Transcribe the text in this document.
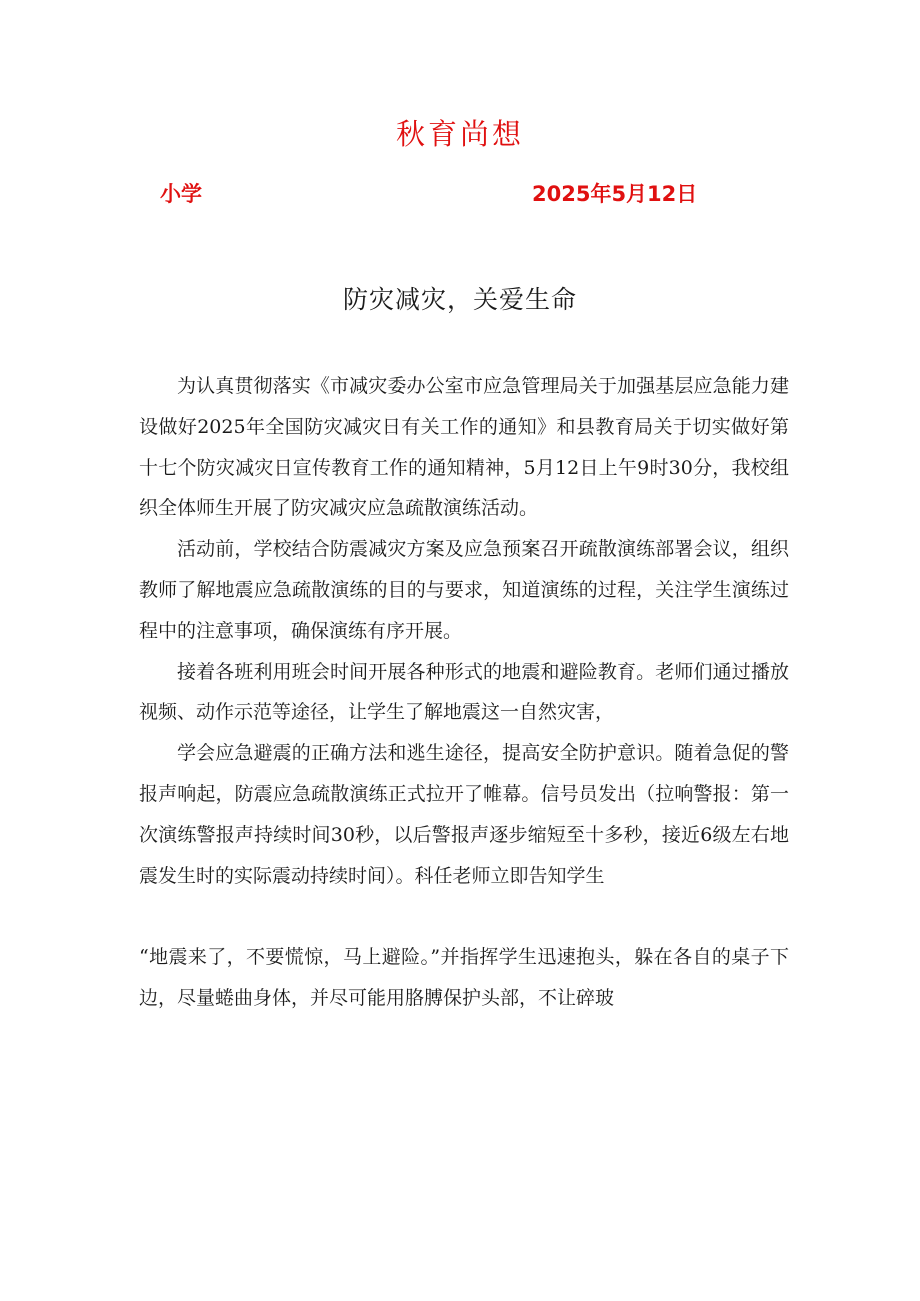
秋育尚想
小学	2025年5月12日
防灾减灾，关爱生命

为认真贯彻落实《市减灾委办公室市应急管理局关于加强基层应急能力建设做好2025年全国防灾减灾日有关工作的通知》和县教育局关于切实做好第十七个防灾减灾日宣传教育工作的通知精神，5月12日上午9时30分，我校组织全体师生开展了防灾减灾应急疏散演练活动。

活动前，学校结合防震减灾方案及应急预案召开疏散演练部署会议，组织教师了解地震应急疏散演练的目的与要求，知道演练的过程，关注学生演练过程中的注意事项，确保演练有序开展。

接着各班利用班会时间开展各种形式的地震和避险教育。老师们通过播放视频、动作示范等途径，让学生了解地震这一自然灾害，

学会应急避震的正确方法和逃生途径，提高安全防护意识。随着急促的警报声响起，防震应急疏散演练正式拉开了帷幕。信号员发出（拉响警报：第一次演练警报声持续时间30秒，以后警报声逐步缩短至十多秒，接近6级左右地震发生时的实际震动持续时间）。科任老师立即告知学生

“地震来了，不要慌惊，马上避险。”并指挥学生迅速抱头，躲在各自的桌子下边，尽量蜷曲身体，并尽可能用胳膊保护头部，不让碎玻
